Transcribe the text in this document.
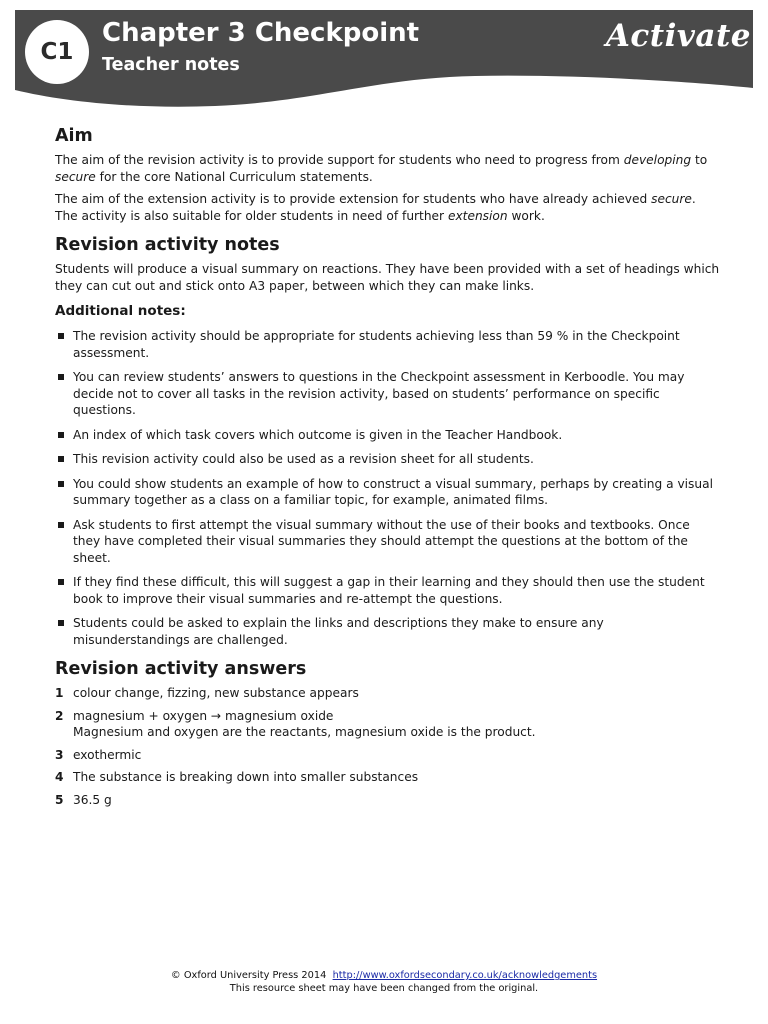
C1
Chapter 3 Checkpoint
Teacher notes
Activate
Aim

The aim of the revision activity is to provide support for students who need to progress from developing to secure for the core National Curriculum statements.

The aim of the extension activity is to provide extension for students who have already achieved secure. The activity is also suitable for older students in need of further extension work.

Revision activity notes

Students will produce a visual summary on reactions. They have been provided with a set of headings which they can cut out and stick onto A3 paper, between which they can make links.

Additional notes:
The revision activity should be appropriate for students achieving less than 59 % in the Checkpoint assessment.
You can review students’ answers to questions in the Checkpoint assessment in Kerboodle. You may decide not to cover all tasks in the revision activity, based on students’ performance on specific questions.
An index of which task covers which outcome is given in the Teacher Handbook.
This revision activity could also be used as a revision sheet for all students.
You could show students an example of how to construct a visual summary, perhaps by creating a visual summary together as a class on a familiar topic, for example, animated films.
Ask students to first attempt the visual summary without the use of their books and textbooks. Once they have completed their visual summaries they should attempt the questions at the bottom of the sheet.
If they find these difficult, this will suggest a gap in their learning and they should then use the student book to improve their visual summaries and re-attempt the questions.
Students could be asked to explain the links and descriptions they make to ensure any misunderstandings are challenged.
Revision activity answers
1 colour change, fizzing, new substance appears
2 magnesium + oxygen → magnesium oxide
Magnesium and oxygen are the reactants, magnesium oxide is the product.
3 exothermic
4 The substance is breaking down into smaller substances
5 36.5 g
© Oxford University Press 2014 http://www.oxfordsecondary.co.uk/acknowledgements
This resource sheet may have been changed from the original.
